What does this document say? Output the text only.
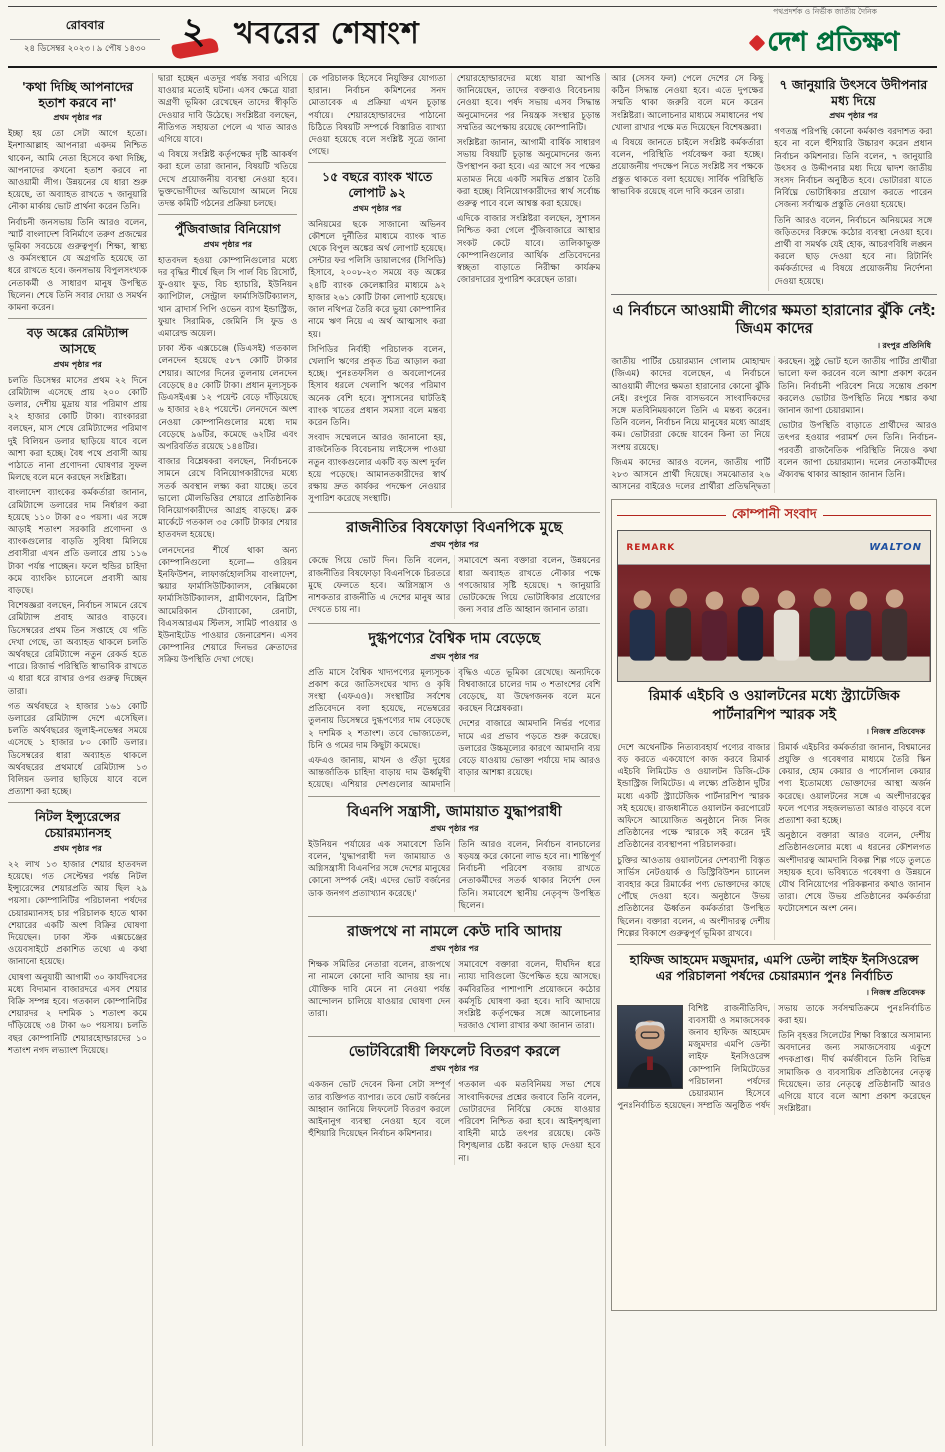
রোববার
২৪ ডিসেম্বর ২০২৩ ৷ ৯ পৌষ ১৪৩০ ২ খবরের শেষাংশ
পথপ্রদর্শক ও নির্ভীক জাতীয় দৈনিক
দেশ প্রতিক্ষণ
'কথা দিচ্ছি আপনাদের হতাশ করবে না'
প্রথম পৃষ্ঠার পর

ইচ্ছা হয় তো সেটা আগে হতো। ইনশাআল্লাহ আপনারা একদম নিশ্চিত থাকেন, আমি নেতা হিসেবে কথা দিচ্ছি, আপনাদের কখনো হতাশ করবে না আওয়ামী লীগ। উন্নয়নের যে ধারা শুরু হয়েছে, তা অব্যাহত রাখতে ৭ জানুয়ারি নৌকা মার্কায় ভোট প্রার্থনা করেন তিনি।

নির্বাচনী জনসভায় তিনি আরও বলেন, স্মার্ট বাংলাদেশ বিনির্মাণে তরুণ প্রজন্মের ভূমিকা সবচেয়ে গুরুত্বপূর্ণ। শিক্ষা, স্বাস্থ্য ও কর্মসংস্থানে যে অগ্রগতি হয়েছে তা ধরে রাখতে হবে। জনসভায় বিপুলসংখ্যক নেতাকর্মী ও সাধারণ মানুষ উপস্থিত ছিলেন। শেষে তিনি সবার দোয়া ও সমর্থন কামনা করেন।

বড় অঙ্কের রেমিট্যান্স আসছে
প্রথম পৃষ্ঠার পর

চলতি ডিসেম্বর মাসের প্রথম ২২ দিনে রেমিট্যান্স এসেছে প্রায় ২০০ কোটি ডলার, দেশীয় মুদ্রায় যার পরিমাণ প্রায় ২২ হাজার কোটি টাকা। ব্যাংকাররা বলছেন, মাস শেষে রেমিট্যান্সের পরিমাণ দুই বিলিয়ন ডলার ছাড়িয়ে যাবে বলে আশা করা হচ্ছে। বৈধ পথে প্রবাসী আয় পাঠাতে নানা প্রণোদনা ঘোষণার সুফল মিলছে বলে মনে করছেন সংশ্লিষ্টরা।

বাংলাদেশ ব্যাংকের কর্মকর্তারা জানান, রেমিট্যান্সে ডলারের দাম নির্ধারণ করা হয়েছে ১১০ টাকা ৫০ পয়সা। এর সঙ্গে আড়াই শতাংশ সরকারি প্রণোদনা ও ব্যাংকগুলোর বাড়তি সুবিধা মিলিয়ে প্রবাসীরা এখন প্রতি ডলারে প্রায় ১১৬ টাকা পর্যন্ত পাচ্ছেন। ফলে হুন্ডির চাহিদা কমে ব্যাংকিং চ্যানেলে প্রবাসী আয় বাড়ছে।

বিশেষজ্ঞরা বলছেন, নির্বাচন সামনে রেখে রেমিট্যান্স প্রবাহ আরও বাড়বে। ডিসেম্বরের প্রথম তিন সপ্তাহে যে গতি দেখা গেছে, তা অব্যাহত থাকলে চলতি অর্থবছরে রেমিট্যান্সে নতুন রেকর্ড হতে পারে। রিজার্ভ পরিস্থিতি স্বাভাবিক রাখতে এ ধারা ধরে রাখার ওপর গুরুত্ব দিচ্ছেন তারা।

গত অর্থবছরে ২ হাজার ১৬১ কোটি ডলারের রেমিট্যান্স দেশে এসেছিল। চলতি অর্থবছরের জুলাই-নভেম্বর সময়ে এসেছে ১ হাজার ৮০ কোটি ডলার। ডিসেম্বরের ধারা অব্যাহত থাকলে অর্থবছরের প্রথমার্ধে রেমিট্যান্স ১৩ বিলিয়ন ডলার ছাড়িয়ে যাবে বলে প্রত্যাশা করা হচ্ছে।

নিটল ইন্স্যুরেন্সের চেয়ারম্যানসহ
প্রথম পৃষ্ঠার পর

২২ লাখ ১৩ হাজার শেয়ার হাতবদল হয়েছে। গত সেপ্টেম্বর পর্যন্ত নিটল ইন্স্যুরেন্সের শেয়ারপ্রতি আয় ছিল ২৯ পয়সা। কোম্পানিটির পরিচালনা পর্ষদের চেয়ারম্যানসহ চার পরিচালক হাতে থাকা শেয়ারের একটি অংশ বিক্রির ঘোষণা দিয়েছেন। ঢাকা স্টক এক্সচেঞ্জের ওয়েবসাইটে প্রকাশিত তথ্যে এ কথা জানানো হয়েছে।

ঘোষণা অনুযায়ী আগামী ৩০ কার্যদিবসের মধ্যে বিদ্যমান বাজারদরে এসব শেয়ার বিক্রি সম্পন্ন হবে। গতকাল কোম্পানিটির শেয়ারদর ২ দশমিক ১ শতাংশ কমে দাঁড়িয়েছে ৩৪ টাকা ৬০ পয়সায়। চলতি বছর কোম্পানিটি শেয়ারহোল্ডারদের ১০ শতাংশ নগদ লভ্যাংশ দিয়েছে।

দ্বারা হচ্ছেন এতদূর পর্যন্ত সবার এগিয়ে যাওয়ার মতোই ঘটনা। এসব ক্ষেত্রে যারা অগ্রণী ভূমিকা রেখেছেন তাদের স্বীকৃতি দেওয়ার দাবি উঠেছে। সংশ্লিষ্টরা বলছেন, নীতিগত সহায়তা পেলে এ খাত আরও এগিয়ে যাবে।

এ বিষয়ে সংশ্লিষ্ট কর্তৃপক্ষের দৃষ্টি আকর্ষণ করা হলে তারা জানান, বিষয়টি খতিয়ে দেখে প্রয়োজনীয় ব্যবস্থা নেওয়া হবে। ভুক্তভোগীদের অভিযোগ আমলে নিয়ে তদন্ত কমিটি গঠনের প্রক্রিয়া চলছে।

পুঁজিবাজার বিনিয়োগ
প্রথম পৃষ্ঠার পর

হাতবদল হওয়া কোম্পানিগুলোর মধ্যে দর বৃদ্ধির শীর্ষে ছিল সি পার্ল বিচ রিসোর্ট, ফু-ওয়াং ফুড, বিচ হ্যাচারি, ইউনিয়ন ক্যাপিটাল, সেন্ট্রাল ফার্মাসিউটিক্যালস, খান ব্রাদার্স পিপি ওভেন ব্যাগ ইন্ডাস্ট্রিজ, ফুয়াং সিরামিক, জেমিনি সি ফুড ও এমারেল্ড অয়েল।

ঢাকা স্টক এক্সচেঞ্জে (ডিএসই) গতকাল লেনদেন হয়েছে ৫৮৭ কোটি টাকার শেয়ার। আগের দিনের তুলনায় লেনদেন বেড়েছে ৪৫ কোটি টাকা। প্রধান মূল্যসূচক ডিএসইএক্স ১২ পয়েন্ট বেড়ে দাঁড়িয়েছে ৬ হাজার ২৪২ পয়েন্টে। লেনদেনে অংশ নেওয়া কোম্পানিগুলোর মধ্যে দাম বেড়েছে ৯৬টির, কমেছে ৬২টির এবং অপরিবর্তিত রয়েছে ১৪৪টির।

বাজার বিশ্লেষকরা বলছেন, নির্বাচনকে সামনে রেখে বিনিয়োগকারীদের মধ্যে সতর্ক অবস্থান লক্ষ্য করা যাচ্ছে। তবে ভালো মৌলভিত্তির শেয়ারে প্রাতিষ্ঠানিক বিনিয়োগকারীদের আগ্রহ বাড়ছে। ব্লক মার্কেটে গতকাল ৩৫ কোটি টাকার শেয়ার হাতবদল হয়েছে।

লেনদেনের শীর্ষে থাকা অন্য কোম্পানিগুলো হলো— ওরিয়ন ইনফিউশন, লাফার্জহোলসিম বাংলাদেশ, স্কয়ার ফার্মাসিউটিক্যালস, বেক্সিমকো ফার্মাসিউটিক্যালস, গ্রামীণফোন, ব্রিটিশ আমেরিকান টোব্যাকো, রেনাটা, বিএসআরএম স্টিলস, সামিট পাওয়ার ও ইউনাইটেড পাওয়ার জেনারেশন। এসব কোম্পানির শেয়ারে দিনভর ক্রেতাদের সক্রিয় উপস্থিতি দেখা গেছে।

কে পরিচালক হিসেবে নিযুক্তির যোগ্যতা হারান। নির্বাচন কমিশনের সনদ মোতাবেক এ প্রক্রিয়া এখন চূড়ান্ত পর্যায়ে। শেয়ারহোল্ডারদের পাঠানো চিঠিতে বিষয়টি সম্পর্কে বিস্তারিত ব্যাখ্যা দেওয়া হয়েছে বলে সংশ্লিষ্ট সূত্রে জানা গেছে।

১৫ বছরে ব্যাংক খাতে লোপাট ৯২
প্রথম পৃষ্ঠার পর

অনিয়মের ছকে সাজানো অভিনব কৌশলে দুর্নীতির মাধ্যমে ব্যাংক খাত থেকে বিপুল অঙ্কের অর্থ লোপাট হয়েছে। সেন্টার ফর পলিসি ডায়ালগের (সিপিডি) হিসাবে, ২০০৮-২৩ সময়ে বড় অঙ্কের ২৪টি ব্যাংক কেলেঙ্কারির মাধ্যমে ৯২ হাজার ২৬১ কোটি টাকা লোপাট হয়েছে। জাল নথিপত্র তৈরি করে ভুয়া কোম্পানির নামে ঋণ নিয়ে এ অর্থ আত্মসাৎ করা হয়।

সিপিডির নির্বাহী পরিচালক বলেন, খেলাপি ঋণের প্রকৃত চিত্র আড়াল করা হচ্ছে। পুনঃতফসিল ও অবলোপনের হিসাব ধরলে খেলাপি ঋণের পরিমাণ অনেক বেশি হবে। সুশাসনের ঘাটতিই ব্যাংক খাতের প্রধান সমস্যা বলে মন্তব্য করেন তিনি।

সংবাদ সম্মেলনে আরও জানানো হয়, রাজনৈতিক বিবেচনায় লাইসেন্স পাওয়া নতুন ব্যাংকগুলোর একটি বড় অংশ দুর্বল হয়ে পড়েছে। আমানতকারীদের স্বার্থ রক্ষায় দ্রুত কার্যকর পদক্ষেপ নেওয়ার সুপারিশ করেছে সংস্থাটি।

শেয়ারহোল্ডারদের মধ্যে যারা আপত্তি জানিয়েছেন, তাদের বক্তব্যও বিবেচনায় নেওয়া হবে। পর্ষদ সভায় এসব সিদ্ধান্ত অনুমোদনের পর নিয়ন্ত্রক সংস্থার চূড়ান্ত সম্মতির অপেক্ষায় রয়েছে কোম্পানিটি।

সংশ্লিষ্টরা জানান, আগামী বার্ষিক সাধারণ সভায় বিষয়টি চূড়ান্ত অনুমোদনের জন্য উপস্থাপন করা হবে। এর আগে সব পক্ষের মতামত নিয়ে একটি সমন্বিত প্রস্তাব তৈরি করা হচ্ছে। বিনিয়োগকারীদের স্বার্থ সর্বোচ্চ গুরুত্ব পাবে বলে আশ্বস্ত করা হয়েছে।

এদিকে বাজার সংশ্লিষ্টরা বলছেন, সুশাসন নিশ্চিত করা গেলে পুঁজিবাজারে আস্থার সংকট কেটে যাবে। তালিকাভুক্ত কোম্পানিগুলোর আর্থিক প্রতিবেদনের স্বচ্ছতা বাড়াতে নিরীক্ষা কার্যক্রম জোরদারের সুপারিশ করেছেন তারা।

রাজনীতির বিষফোড়া বিএনপিকে মুছে
প্রথম পৃষ্ঠার পর

কেন্দ্রে গিয়ে ভোট দিন। তিনি বলেন, রাজনীতির বিষফোড়া বিএনপিকে চিরতরে মুছে ফেলতে হবে। অগ্নিসন্ত্রাস ও নাশকতার রাজনীতি এ দেশের মানুষ আর দেখতে চায় না।

সমাবেশে অন্য বক্তারা বলেন, উন্নয়নের ধারা অব্যাহত রাখতে নৌকার পক্ষে গণজোয়ার সৃষ্টি হয়েছে। ৭ জানুয়ারি ভোটকেন্দ্রে গিয়ে ভোটাধিকার প্রয়োগের জন্য সবার প্রতি আহ্বান জানান তারা।

দুগ্ধপণ্যের বৈশ্বিক দাম বেড়েছে
প্রথম পৃষ্ঠার পর

প্রতি মাসে বৈশ্বিক খাদ্যপণ্যের মূল্যসূচক প্রকাশ করে জাতিসংঘের খাদ্য ও কৃষি সংস্থা (এফএও)। সংস্থাটির সর্বশেষ প্রতিবেদনে বলা হয়েছে, নভেম্বরের তুলনায় ডিসেম্বরে দুগ্ধপণ্যের দাম বেড়েছে ২ দশমিক ২ শতাংশ। তবে ভোজ্যতেল, চিনি ও গমের দাম কিছুটা কমেছে।

এফএও জানায়, মাখন ও গুঁড়া দুধের আন্তর্জাতিক চাহিদা বাড়ায় দাম ঊর্ধ্বমুখী হয়েছে। এশিয়ার দেশগুলোর আমদানি বৃদ্ধিও এতে ভূমিকা রেখেছে। অন্যদিকে বিশ্ববাজারে চালের দাম ৩ শতাংশের বেশি বেড়েছে, যা উদ্বেগজনক বলে মনে করছেন বিশ্লেষকরা।

দেশের বাজারে আমদানি নির্ভর পণ্যের দামে এর প্রভাব পড়তে শুরু করেছে। ডলারের উচ্চমূল্যের কারণে আমদানি ব্যয় বেড়ে যাওয়ায় ভোক্তা পর্যায়ে দাম আরও বাড়ার আশঙ্কা রয়েছে।

বিএনপি সন্ত্রাসী, জামায়াত যুদ্ধাপরাধী
প্রথম পৃষ্ঠার পর

ইউনিয়ন পর্যায়ের এক সমাবেশে তিনি বলেন, 'যুদ্ধাপরাধী দল জামায়াত ও অগ্নিসন্ত্রাসী বিএনপির সঙ্গে দেশের মানুষের কোনো সম্পর্ক নেই। এদের ভোট বর্জনের ডাক জনগণ প্রত্যাখ্যান করেছে।'

তিনি আরও বলেন, নির্বাচন বানচালের ষড়যন্ত্র করে কোনো লাভ হবে না। শান্তিপূর্ণ নির্বাচনী পরিবেশ বজায় রাখতে নেতাকর্মীদের সতর্ক থাকার নির্দেশ দেন তিনি। সমাবেশে স্থানীয় নেতৃবৃন্দ উপস্থিত ছিলেন।

রাজপথে না নামলে কেউ দাবি আদায়
প্রথম পৃষ্ঠার পর

শিক্ষক সমিতির নেতারা বলেন, রাজপথে না নামলে কোনো দাবি আদায় হয় না। যৌক্তিক দাবি মেনে না নেওয়া পর্যন্ত আন্দোলন চালিয়ে যাওয়ার ঘোষণা দেন তারা।

সমাবেশে বক্তারা বলেন, দীর্ঘদিন ধরে ন্যায্য দাবিগুলো উপেক্ষিত হয়ে আসছে। কর্মবিরতির পাশাপাশি প্রয়োজনে কঠোর কর্মসূচি ঘোষণা করা হবে। দাবি আদায়ে সংশ্লিষ্ট কর্তৃপক্ষের সঙ্গে আলোচনার দরজাও খোলা রাখার কথা জানান তারা।

ভোটবিরোধী লিফলেট বিতরণ করলে
প্রথম পৃষ্ঠার পর

একজন ভোট দেবেন কিনা সেটা সম্পূর্ণ তার ব্যক্তিগত ব্যাপার। তবে ভোট বর্জনের আহ্বান জানিয়ে লিফলেট বিতরণ করলে আইনানুগ ব্যবস্থা নেওয়া হবে বলে হুঁশিয়ারি দিয়েছেন নির্বাচন কমিশনার।

গতকাল এক মতবিনিময় সভা শেষে সাংবাদিকদের প্রশ্নের জবাবে তিনি বলেন, ভোটারদের নির্বিঘ্নে কেন্দ্রে যাওয়ার পরিবেশ নিশ্চিত করা হবে। আইনশৃঙ্খলা বাহিনী মাঠে তৎপর রয়েছে। কেউ বিশৃঙ্খলার চেষ্টা করলে ছাড় দেওয়া হবে না।

আর (সেসব ফল) পেলে দেশের সে কিছু কঠিন সিদ্ধান্ত নেওয়া হবে। এতে দুপক্ষের সম্মতি থাকা জরুরি বলে মনে করেন সংশ্লিষ্টরা। আলোচনার মাধ্যমে সমাধানের পথ খোলা রাখার পক্ষে মত দিয়েছেন বিশেষজ্ঞরা।

এ বিষয়ে জানতে চাইলে সংশ্লিষ্ট কর্মকর্তারা বলেন, পরিস্থিতি পর্যবেক্ষণ করা হচ্ছে। প্রয়োজনীয় পদক্ষেপ নিতে সংশ্লিষ্ট সব পক্ষকে প্রস্তুত থাকতে বলা হয়েছে। সার্বিক পরিস্থিতি স্বাভাবিক রয়েছে বলে দাবি করেন তারা।

৭ জানুয়ারি উৎসবে উদীপনার মধ্য দিয়ে
প্রথম পৃষ্ঠার পর

গণতন্ত্র পরিপন্থি কোনো কর্মকাণ্ড বরদাশত করা হবে না বলে হুঁশিয়ারি উচ্চারণ করেন প্রধান নির্বাচন কমিশনার। তিনি বলেন, ৭ জানুয়ারি উৎসব ও উদ্দীপনার মধ্য দিয়ে দ্বাদশ জাতীয় সংসদ নির্বাচন অনুষ্ঠিত হবে। ভোটাররা যাতে নির্বিঘ্নে ভোটাধিকার প্রয়োগ করতে পারেন সেজন্য সর্বাত্মক প্রস্তুতি নেওয়া হয়েছে।

তিনি আরও বলেন, নির্বাচনে অনিয়মের সঙ্গে জড়িতদের বিরুদ্ধে কঠোর ব্যবস্থা নেওয়া হবে। প্রার্থী বা সমর্থক যেই হোক, আচরণবিধি লঙ্ঘন করলে ছাড় দেওয়া হবে না। রিটার্নিং কর্মকর্তাদের এ বিষয়ে প্রয়োজনীয় নির্দেশনা দেওয়া হয়েছে।

এ নির্বাচনে আওয়ামী লীগের ক্ষমতা হারানোর ঝুঁকি নেই: জিএম কাদের
৷ রংপুর প্রতিনিধি

জাতীয় পার্টির চেয়ারম্যান গোলাম মোহাম্মদ (জিএম) কাদের বলেছেন, এ নির্বাচনে আওয়ামী লীগের ক্ষমতা হারানোর কোনো ঝুঁকি নেই। রংপুরে নিজ বাসভবনে সাংবাদিকদের সঙ্গে মতবিনিময়কালে তিনি এ মন্তব্য করেন। তিনি বলেন, নির্বাচন নিয়ে মানুষের মধ্যে আগ্রহ কম। ভোটাররা কেন্দ্রে যাবেন কিনা তা নিয়ে সংশয় রয়েছে।

জিএম কাদের আরও বলেন, জাতীয় পার্টি ২৮৩ আসনে প্রার্থী দিয়েছে। সমঝোতার ২৬ আসনের বাইরেও দলের প্রার্থীরা প্রতিদ্বন্দ্বিতা করছেন। সুষ্ঠু ভোট হলে জাতীয় পার্টির প্রার্থীরা ভালো ফল করবেন বলে আশা প্রকাশ করেন তিনি। নির্বাচনী পরিবেশ নিয়ে সন্তোষ প্রকাশ করলেও ভোটার উপস্থিতি নিয়ে শঙ্কার কথা জানান জাপা চেয়ারম্যান।

ভোটার উপস্থিতি বাড়াতে প্রার্থীদের আরও তৎপর হওয়ার পরামর্শ দেন তিনি। নির্বাচন-পরবর্তী রাজনৈতিক পরিস্থিতি নিয়েও কথা বলেন জাপা চেয়ারম্যান। দলের নেতাকর্মীদের ঐক্যবদ্ধ থাকার আহ্বান জানান তিনি।

কোম্পানী সংবাদ
REMARK	WALTON
রিমার্ক এইচবি ও ওয়ালটনের মধ্যে স্ট্র্যাটেজিক পার্টনারশিপ স্মারক সই
৷ নিজস্ব প্রতিবেদক

দেশে অথেনটিক নিত্যব্যবহার্য পণ্যের বাজার বড় করতে একযোগে কাজ করবে রিমার্ক এইচবি লিমিটেড ও ওয়ালটন ডিজি-টেক ইন্ডাস্ট্রিজ লিমিটেড। এ লক্ষ্যে প্রতিষ্ঠান দুটির মধ্যে একটি স্ট্র্যাটেজিক পার্টনারশিপ স্মারক সই হয়েছে। রাজধানীতে ওয়ালটন করপোরেট অফিসে আয়োজিত অনুষ্ঠানে নিজ নিজ প্রতিষ্ঠানের পক্ষে স্মারকে সই করেন দুই প্রতিষ্ঠানের ব্যবস্থাপনা পরিচালকরা।

চুক্তির আওতায় ওয়ালটনের দেশব্যাপী বিস্তৃত সার্ভিস নেটওয়ার্ক ও ডিস্ট্রিবিউশন চ্যানেল ব্যবহার করে রিমার্কের পণ্য ভোক্তাদের কাছে পৌঁছে দেওয়া হবে। অনুষ্ঠানে উভয় প্রতিষ্ঠানের ঊর্ধ্বতন কর্মকর্তারা উপস্থিত ছিলেন। বক্তারা বলেন, এ অংশীদারত্ব দেশীয় শিল্পের বিকাশে গুরুত্বপূর্ণ ভূমিকা রাখবে।

রিমার্ক এইচবির কর্মকর্তারা জানান, বিশ্বমানের প্রযুক্তি ও গবেষণার মাধ্যমে তৈরি স্কিন কেয়ার, হোম কেয়ার ও পার্সোনাল কেয়ার পণ্য ইতোমধ্যে ভোক্তাদের আস্থা অর্জন করেছে। ওয়ালটনের সঙ্গে এ অংশীদারত্বের ফলে পণ্যের সহজলভ্যতা আরও বাড়বে বলে প্রত্যাশা করা হচ্ছে।

অনুষ্ঠানে বক্তারা আরও বলেন, দেশীয় প্রতিষ্ঠানগুলোর মধ্যে এ ধরনের কৌশলগত অংশীদারত্ব আমদানি বিকল্প শিল্প গড়ে তুলতে সহায়ক হবে। ভবিষ্যতে গবেষণা ও উন্নয়নে যৌথ বিনিয়োগের পরিকল্পনার কথাও জানান তারা। শেষে উভয় প্রতিষ্ঠানের কর্মকর্তারা ফটোসেশনে অংশ নেন।

হাফিজ আহমেদ মজুমদার, এমপি ডেল্টা লাইফ ইনসিওরেন্স এর পরিচালনা পর্ষদের চেয়ারম্যান পুনঃ নির্বাচিত
৷ নিজস্ব প্রতিবেদক

বিশিষ্ট রাজনীতিবিদ, ব্যবসায়ী ও সমাজসেবক জনাব হাফিজ আহমেদ মজুমদার এমপি ডেল্টা লাইফ ইনসিওরেন্স কোম্পানি লিমিটেডের পরিচালনা পর্ষদের চেয়ারম্যান হিসেবে পুনঃনির্বাচিত হয়েছেন। সম্প্রতি অনুষ্ঠিত পর্ষদ সভায় তাকে সর্বসম্মতিক্রমে পুনঃনির্বাচিত করা হয়।

তিনি বৃহত্তর সিলেটের শিক্ষা বিস্তারে অসামান্য অবদানের জন্য সমাজসেবায় একুশে পদকপ্রাপ্ত। দীর্ঘ কর্মজীবনে তিনি বিভিন্ন সামাজিক ও ব্যবসায়িক প্রতিষ্ঠানের নেতৃত্ব দিয়েছেন। তার নেতৃত্বে প্রতিষ্ঠানটি আরও এগিয়ে যাবে বলে আশা প্রকাশ করেছেন সংশ্লিষ্টরা।
